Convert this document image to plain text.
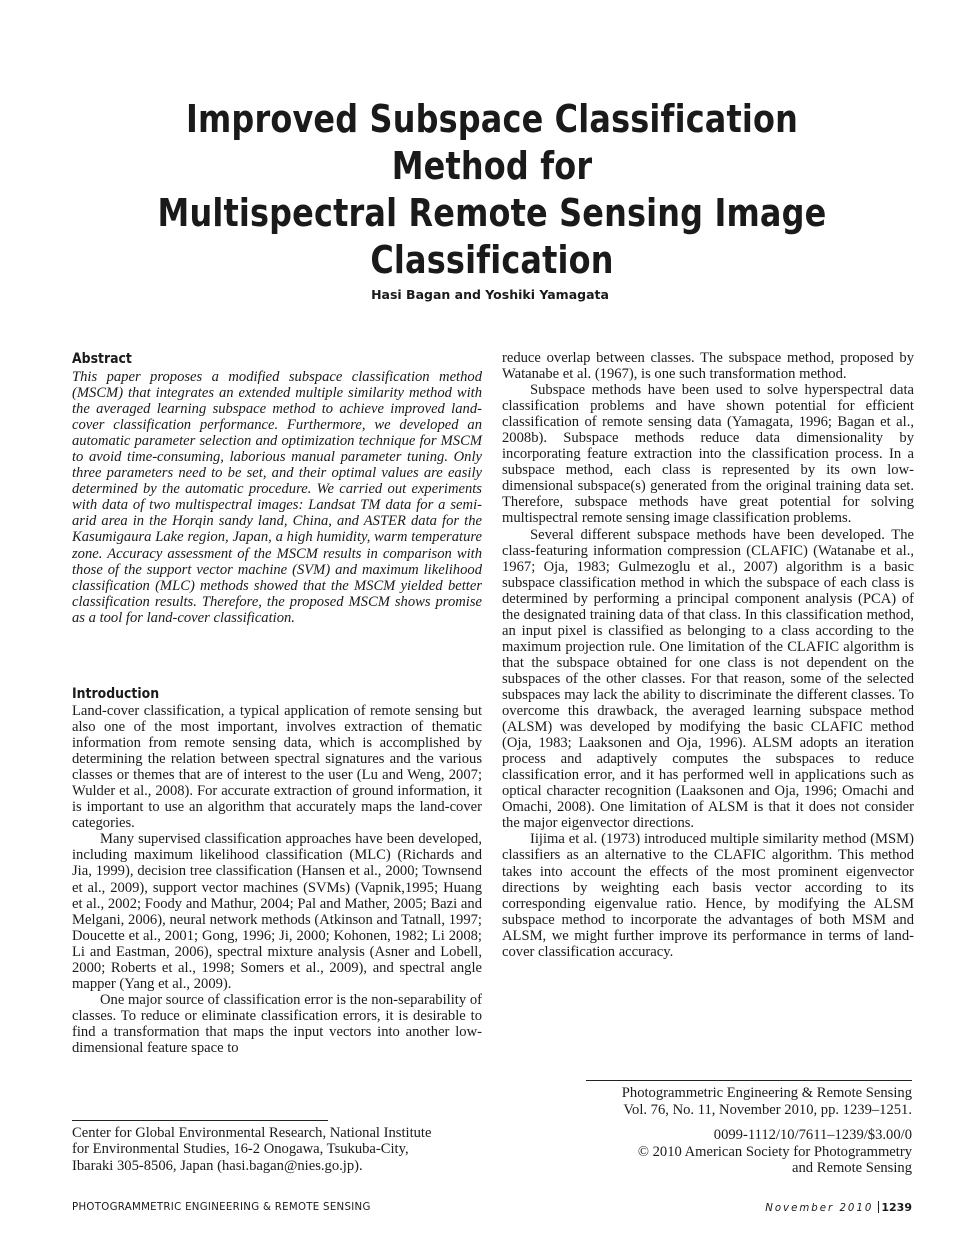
Improved Subspace Classification Method for
Multispectral Remote Sensing Image
Classification
Hasi Bagan and Yoshiki Yamagata
Abstract

This paper proposes a modified subspace classification method (MSCM) that integrates an extended multiple similarity method with the averaged learning subspace method to achieve improved land-cover classification performance. Furthermore, we developed an automatic parameter selection and optimization technique for MSCM to avoid time-consuming, laborious manual parameter tuning. Only three parameters need to be set, and their optimal values are easily determined by the automatic procedure. We carried out experiments with data of two multispectral images: Landsat TM data for a semi-arid area in the Horqin sandy land, China, and ASTER data for the Kasumigaura Lake region, Japan, a high humidity, warm temperature zone. Accuracy assessment of the MSCM results in comparison with those of the support vector machine (SVM) and maximum likelihood classification (MLC) methods showed that the MSCM yielded better classification results. Therefore, the proposed MSCM shows promise as a tool for land-cover classification.

Introduction

Land-cover classification, a typical application of remote sensing but also one of the most important, involves extraction of thematic information from remote sensing data, which is accomplished by determining the relation between spectral signatures and the various classes or themes that are of interest to the user (Lu and Weng, 2007; Wulder et al., 2008). For accurate extraction of ground information, it is important to use an algorithm that accurately maps the land-cover categories.

Many supervised classification approaches have been developed, including maximum likelihood classification (MLC) (Richards and Jia, 1999), decision tree classification (Hansen et al., 2000; Townsend et al., 2009), support vector machines (SVMs) (Vapnik,1995; Huang et al., 2002; Foody and Mathur, 2004; Pal and Mather, 2005; Bazi and Melgani, 2006), neural network methods (Atkinson and Tatnall, 1997; Doucette et al., 2001; Gong, 1996; Ji, 2000; Kohonen, 1982; Li 2008; Li and Eastman, 2006), spectral mixture analysis (Asner and Lobell, 2000; Roberts et al., 1998; Somers et al., 2009), and spectral angle mapper (Yang et al., 2009).

One major source of classification error is the non-separability of classes. To reduce or eliminate classification errors, it is desirable to find a transformation that maps the input vectors into another low-dimensional feature space to

reduce overlap between classes. The subspace method, proposed by Watanabe et al. (1967), is one such transformation method.

Subspace methods have been used to solve hyperspectral data classification problems and have shown potential for efficient classification of remote sensing data (Yamagata, 1996; Bagan et al., 2008b). Subspace methods reduce data dimensionality by incorporating feature extraction into the classification process. In a subspace method, each class is represented by its own low-dimensional subspace(s) generated from the original training data set. Therefore, subspace methods have great potential for solving multispectral remote sensing image classification problems.

Several different subspace methods have been developed. The class-featuring information compression (CLAFIC) (Watanabe et al., 1967; Oja, 1983; Gulmezoglu et al., 2007) algorithm is a basic subspace classification method in which the subspace of each class is determined by performing a principal component analysis (PCA) of the designated training data of that class. In this classification method, an input pixel is classified as belonging to a class according to the maximum projection rule. One limitation of the CLAFIC algorithm is that the subspace obtained for one class is not dependent on the subspaces of the other classes. For that reason, some of the selected subspaces may lack the ability to discriminate the different classes. To overcome this drawback, the averaged learning subspace method (ALSM) was developed by modifying the basic CLAFIC method (Oja, 1983; Laaksonen and Oja, 1996). ALSM adopts an iteration process and adaptively computes the subspaces to reduce classification error, and it has performed well in applications such as optical character recognition (Laaksonen and Oja, 1996; Omachi and Omachi, 2008). One limitation of ALSM is that it does not consider the major eigenvector directions.

Iijima et al. (1973) introduced multiple similarity method (MSM) classifiers as an alternative to the CLAFIC algorithm. This method takes into account the effects of the most prominent eigenvector directions by weighting each basis vector according to its corresponding eigenvalue ratio. Hence, by modifying the ALSM subspace method to incorporate the advantages of both MSM and ALSM, we might further improve its performance in terms of land-cover classification accuracy.

Photogrammetric Engineering & Remote Sensing
Vol. 76, No. 11, November 2010, pp. 1239–1251.
0099-1112/10/7611–1239/$3.00/0
© 2010 American Society for Photogrammetry
and Remote Sensing
Center for Global Environmental Research, National Institute
for Environmental Studies, 16-2 Onogawa, Tsukuba-City,
Ibaraki 305-8506, Japan (hasi.bagan@nies.go.jp).
PHOTOGRAMMETRIC ENGINEERING & REMOTE SENSING	November 2010 1239
